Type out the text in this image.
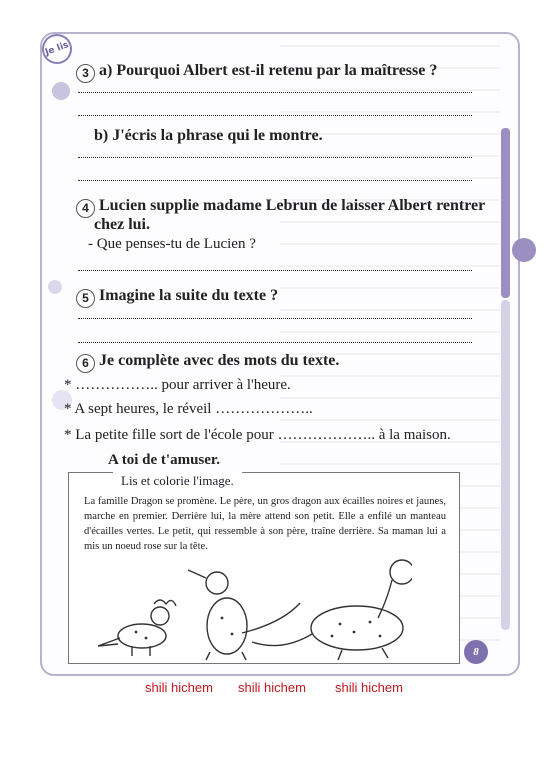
Je lis
3 a) Pourquoi Albert est-il retenu par la maîtresse ?
b) J'écris la phrase qui le montre.
4 Lucien supplie madame Lebrun de laisser Albert rentrer
chez lui.
- Que penses-tu de Lucien ?
5 Imagine la suite du texte ?
6 Je complète avec des mots du texte.
* …………….. pour arriver à l'heure.
* A sept heures, le réveil ………………..
* La petite fille sort de l'école pour ……………….. à la maison.
A toi de t'amuser.
Lis et colorie l'image.
La famille Dragon se promène. Le père, un gros dragon aux écailles noires et jaunes, marche en premier. Derrière lui, la mère attend son petit. Elle a enfilé un manteau d'écailles vertes. Le petit, qui ressemble à son père, traîne derrière. Sa maman lui a mis un noeud rose sur la tête.
8
shili hichem shili hichem shili hichem
